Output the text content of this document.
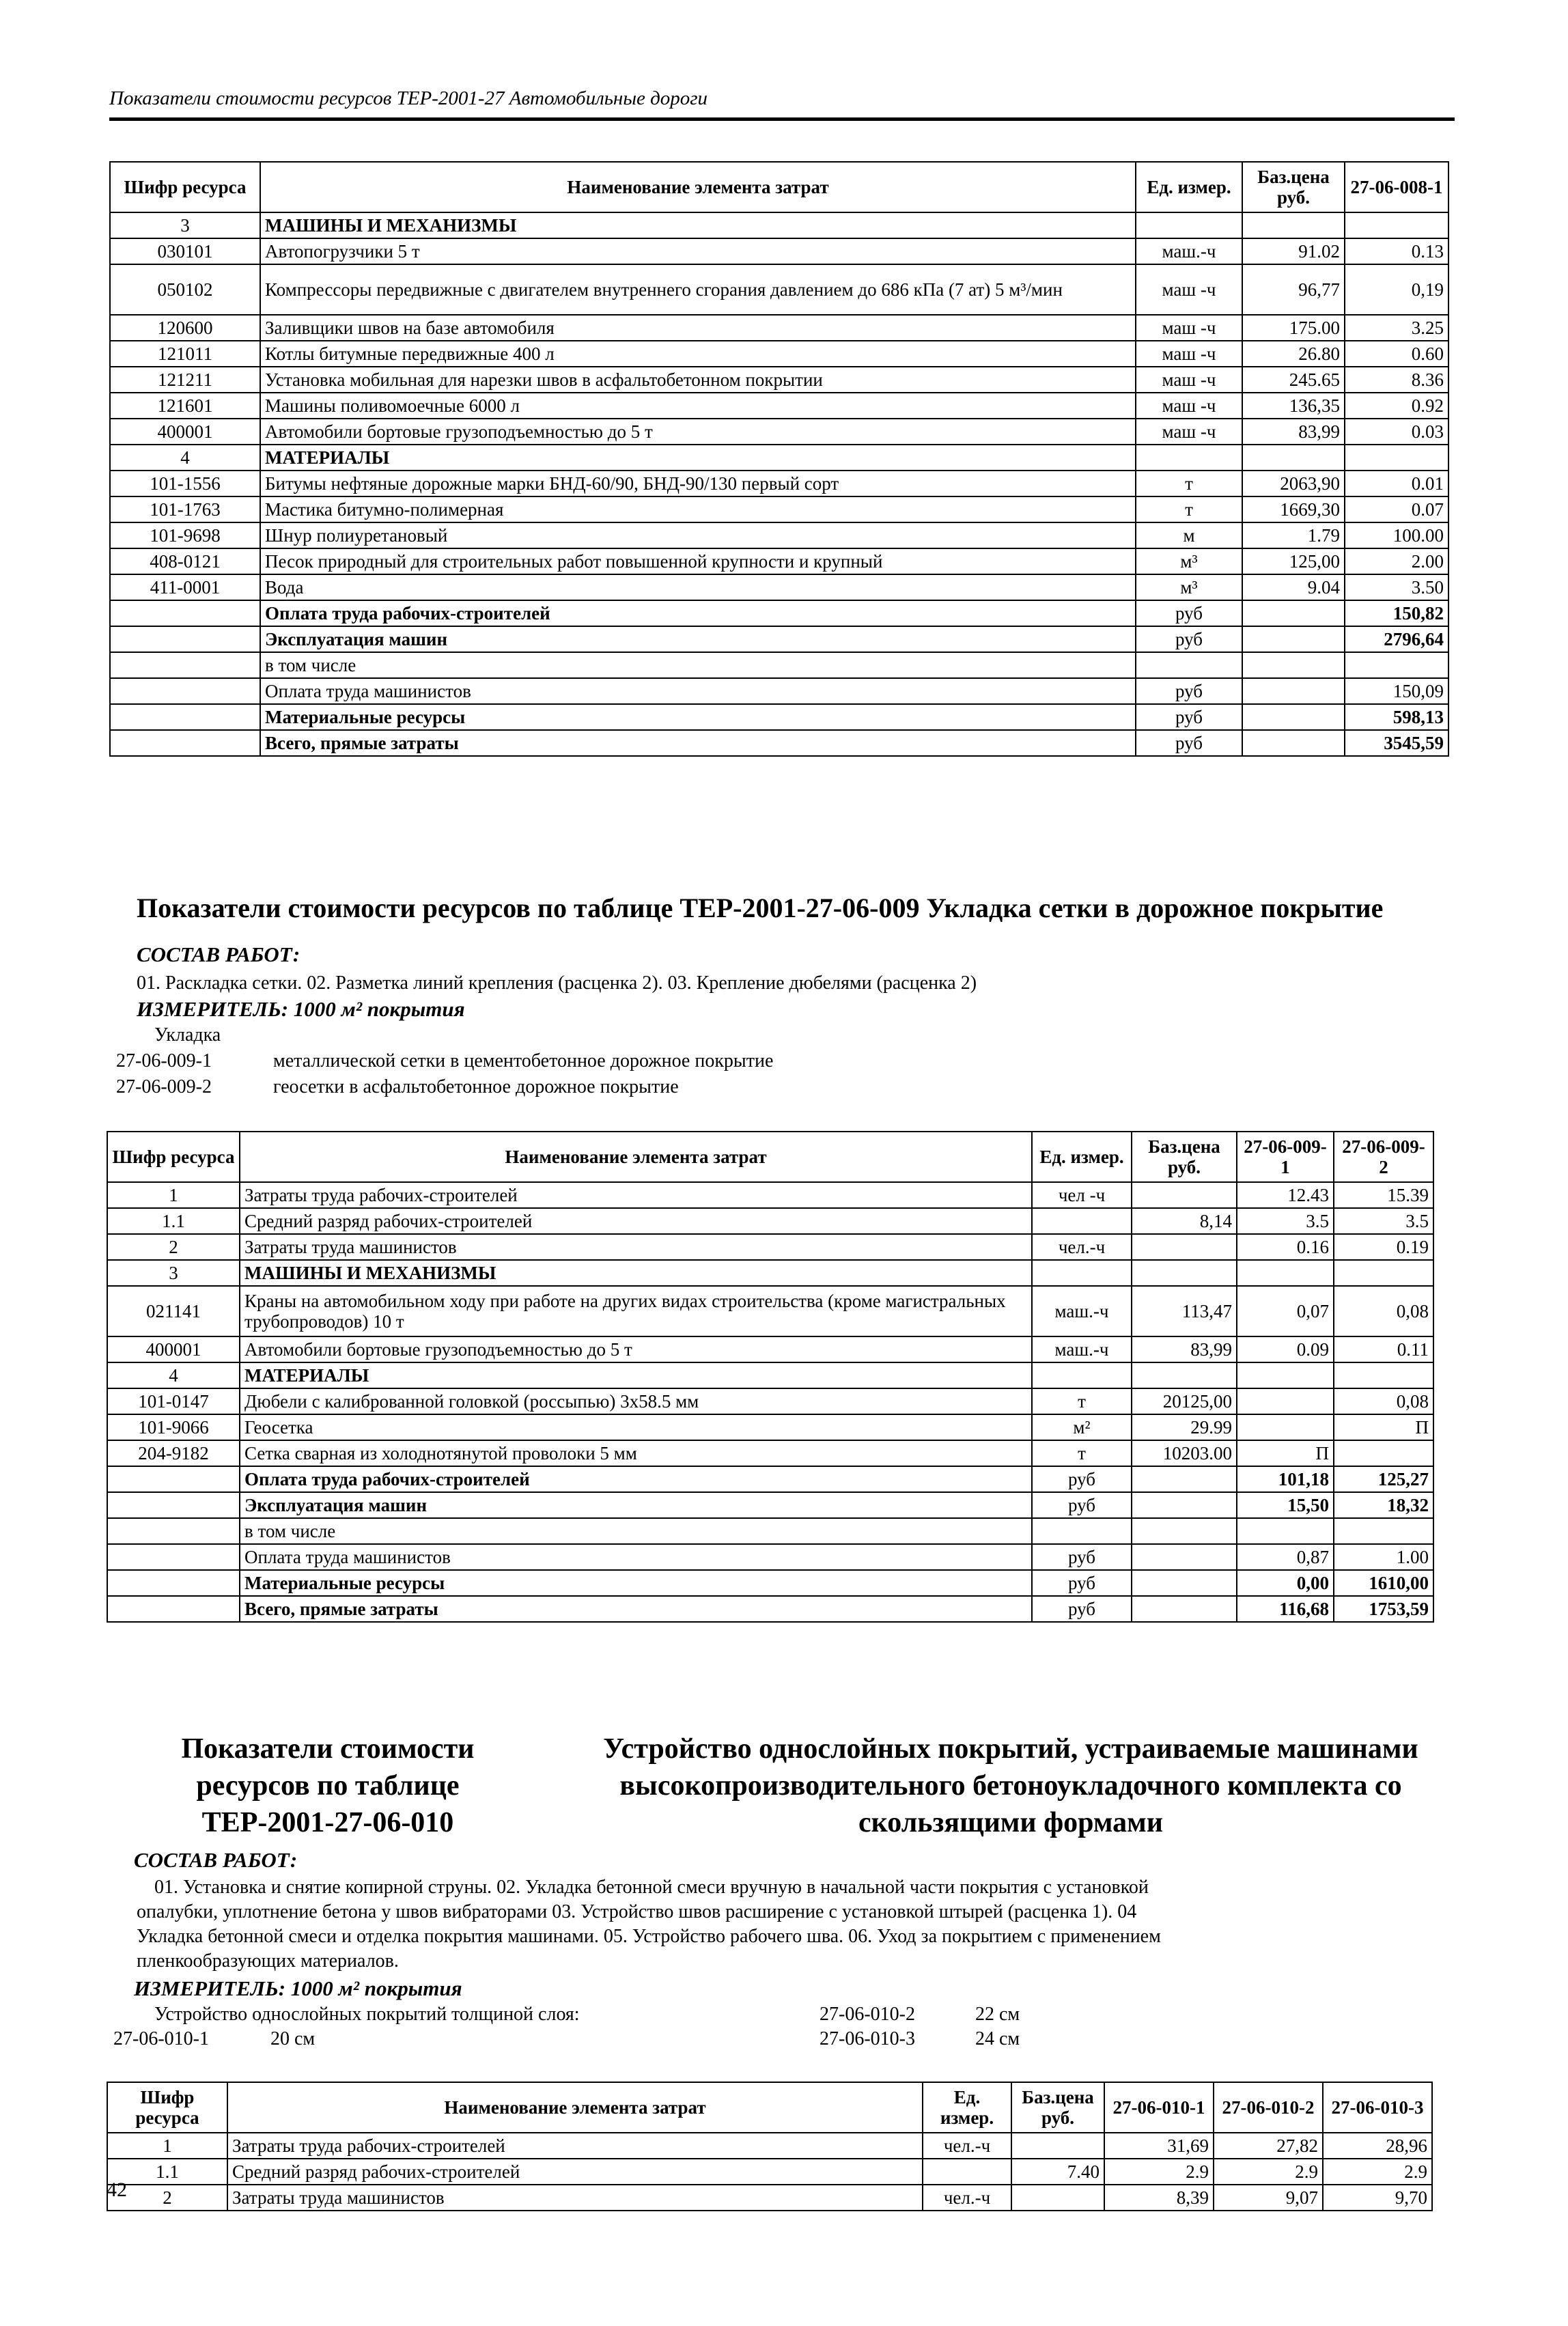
Показатели стоимости ресурсов ТЕР-2001-27 Автомобильные дороги
Шифр ресурса	Наименование элемента затрат	Ед. измер.	Баз.цена руб.	27-06-008-1
3	МАШИНЫ И МЕХАНИЗМЫ			
030101	Автопогрузчики 5 т	маш.-ч	91.02	0.13
050102	Компрессоры передвижные с двигателем внутреннего сгорания давлением до 686 кПа (7 ат) 5 м³/мин	маш -ч	96,77	0,19
120600	Заливщики швов на базе автомобиля	маш -ч	175.00	3.25
121011	Котлы битумные передвижные 400 л	маш -ч	26.80	0.60
121211	Установка мобильная для нарезки швов в асфальтобетонном покрытии	маш -ч	245.65	8.36
121601	Машины поливомоечные 6000 л	маш -ч	136,35	0.92
400001	Автомобили бортовые грузоподъемностью до 5 т	маш -ч	83,99	0.03
4	МАТЕРИАЛЫ			
101-1556	Битумы нефтяные дорожные марки БНД-60/90, БНД-90/130 первый сорт	т	2063,90	0.01
101-1763	Мастика битумно-полимерная	т	1669,30	0.07
101-9698	Шнур полиуретановый	м	1.79	100.00
408-0121	Песок природный для строительных работ повышенной крупности и крупный	м³	125,00	2.00
411-0001	Вода	м³	9.04	3.50
	Оплата труда рабочих-строителей	руб		150,82
	Эксплуатация машин	руб		2796,64
	в том числе			
	Оплата труда машинистов	руб		150,09
	Материальные ресурсы	руб		598,13
	Всего, прямые затраты	руб		3545,59
Показатели стоимости ресурсов по таблице ТЕР-2001-27-06-009 Укладка сетки в дорожное покрытие
СОСТАВ РАБОТ:
01. Раскладка сетки. 02. Разметка линий крепления (расценка 2). 03. Крепление дюбелями (расценка 2)
ИЗМЕРИТЕЛЬ: 1000 м² покрытия
Укладка
27-06-009-1	металлической сетки в цементобетонное дорожное покрытие
27-06-009-2	геосетки в асфальтобетонное дорожное покрытие
Шифр ресурса	Наименование элемента затрат	Ед. измер.	Баз.цена руб.	27-06-009-1	27-06-009-2
1	Затраты труда рабочих-строителей	чел -ч		12.43	15.39
1.1	Средний разряд рабочих-строителей		8,14	3.5	3.5
2	Затраты труда машинистов	чел.-ч		0.16	0.19
3	МАШИНЫ И МЕХАНИЗМЫ				
021141	Краны на автомобильном ходу при работе на других видах строительства (кроме магистральных трубопроводов) 10 т	маш.-ч	113,47	0,07	0,08
400001	Автомобили бортовые грузоподъемностью до 5 т	маш.-ч	83,99	0.09	0.11
4	МАТЕРИАЛЫ				
101-0147	Дюбели с калиброванной головкой (россыпью) 3х58.5 мм	т	20125,00		0,08
101-9066	Геосетка	м²	29.99		П
204-9182	Сетка сварная из холоднотянутой проволоки 5 мм	т	10203.00	П	
	Оплата труда рабочих-строителей	руб		101,18	125,27
	Эксплуатация машин	руб		15,50	18,32
	в том числе				
	Оплата труда машинистов	руб		0,87	1.00
	Материальные ресурсы	руб		0,00	1610,00
	Всего, прямые затраты	руб		116,68	1753,59
Показатели стоимости ресурсов по таблице ТЕР-2001-27-06-010
Устройство однослойных покрытий, устраиваемые машинами высокопроизводительного бетоноукладочного комплекта со скользящими формами
СОСТАВ РАБОТ:
01. Установка и снятие копирной струны. 02. Укладка бетонной смеси вручную в начальной части покрытия с установкой
опалубки, уплотнение бетона у швов вибраторами 03. Устройство швов расширение с установкой штырей (расценка 1). 04
Укладка бетонной смеси и отделка покрытия машинами. 05. Устройство рабочего шва. 06. Уход за покрытием с применением
пленкообразующих материалов.
ИЗМЕРИТЕЛЬ: 1000 м² покрытия
Устройство однослойных покрытий толщиной слоя:
27-06-010-1	20 см
27-06-010-2	22 см
27-06-010-3	24 см
Шифр ресурса	Наименование элемента затрат	Ед. измер.	Баз.цена руб.	27-06-010-1	27-06-010-2	27-06-010-3
1	Затраты труда рабочих-строителей	чел.-ч		31,69	27,82	28,96
1.1	Средний разряд рабочих-строителей		7.40	2.9	2.9	2.9
2	Затраты труда машинистов	чел.-ч		8,39	9,07	9,70
42
